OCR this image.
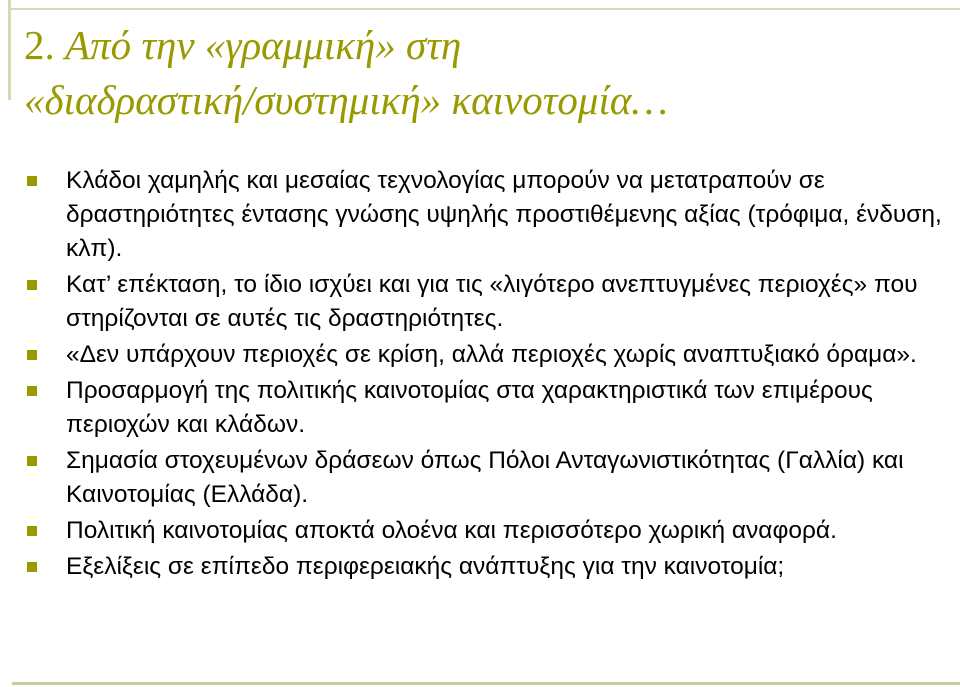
2. Από την «γραμμική» στη
«διαδραστική/συστημική» καινοτομία…
Κλάδοι χαμηλής και μεσαίας τεχνολογίας μπορούν να μετατραπούν σε δραστηριότητες έντασης γνώσης υψηλής προστιθέμενης αξίας (τρόφιμα, ένδυση, κλπ).
Κατ’ επέκταση, το ίδιο ισχύει και για τις «λιγότερο ανεπτυγμένες περιοχές» που στηρίζονται σε αυτές τις δραστηριότητες.
«Δεν υπάρχουν περιοχές σε κρίση, αλλά περιοχές χωρίς αναπτυξιακό όραμα».
Προσαρμογή της πολιτικής καινοτομίας στα χαρακτηριστικά των επιμέρους περιοχών και κλάδων.
Σημασία στοχευμένων δράσεων όπως Πόλοι Ανταγωνιστικότητας (Γαλλία) και Καινοτομίας (Ελλάδα).
Πολιτική καινοτομίας αποκτά ολοένα και περισσότερο χωρική αναφορά.
Εξελίξεις σε επίπεδο περιφερειακής ανάπτυξης για την καινοτομία;
